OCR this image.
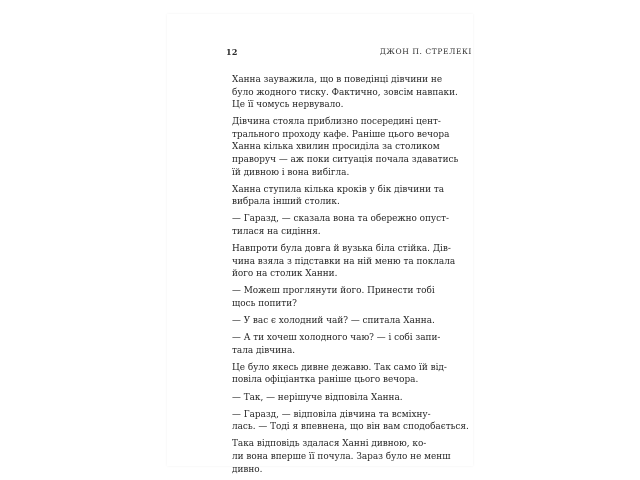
12	ДЖОН П. СТРЕЛЕКІ
Ханна зауважила, що в поведінці дівчини не
було жодного тиску. Фактично, зовсім навпаки.
Це її чомусь нервувало.
Дівчина стояла приблизно посередині цент-
трального проходу кафе. Раніше цього вечора
Ханна кілька хвилин просиділа за столиком
праворуч — аж поки ситуація почала здаватись
їй дивною і вона вибігла.
Ханна ступила кілька кроків у бік дівчини та
вибрала інший столик.
— Гаразд, — сказала вона та обережно опуст-
тилася на сидіння.
Навпроти була довга й вузька біла стійка. Дів-
чина взяла з підставки на ній меню та поклала
його на столик Ханни.
— Можеш проглянути його. Принести тобі
щось попити?
— У вас є холодний чай? — спитала Ханна.
— А ти хочеш холодного чаю? — і собі запи-
тала дівчина.
Це було якесь дивне дежавю. Так само їй від-
повіла офіціантка раніше цього вечора.
— Так, — нерішуче відповіла Ханна.
— Гаразд, — відповіла дівчина та всміхну-
лась. — Тоді я впевнена, що він вам сподобається.
Така відповідь здалася Ханні дивною, ко-
ли вона вперше її почула. Зараз було не менш
дивно.
